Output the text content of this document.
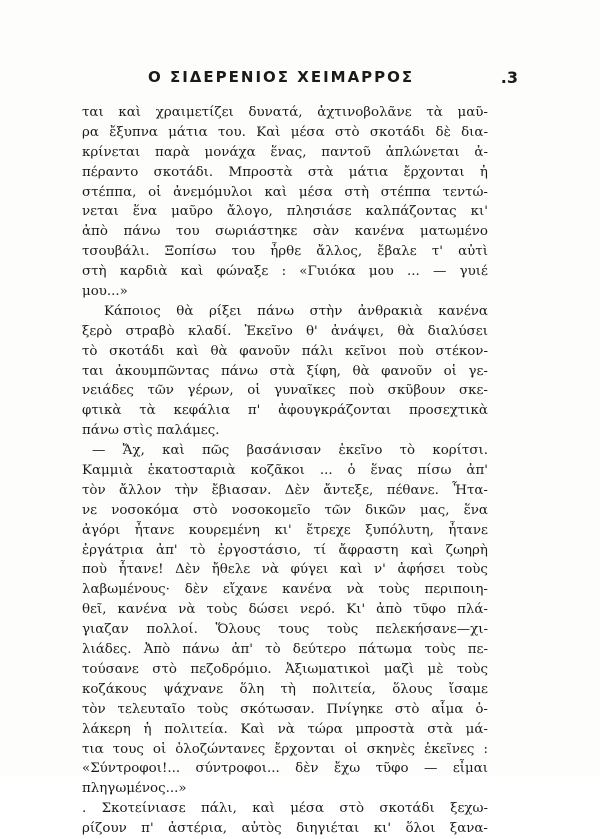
Ο ΣΙΔΕΡΕΝΙΟΣ ΧΕΙΜΑΡΡΟΣ	.3
ται καὶ χραιμετίζει δυνατά, ἀχτινοβολᾶνε τὰ μαῦ-
ρα ἔξυπνα μάτια του. Καὶ μέσα στὸ σκοτάδι δὲ δια-
κρίνεται παρὰ μονάχα ἕνας, παντοῦ ἁπλώνεται ἀ-
πέραντο σκοτάδι. Μπροστὰ στὰ μάτια ἔρχονται ἡ
στέππα, οἱ ἀνεμόμυλοι καὶ μέσα στὴ στέππα τεντώ-
νεται ἕνα μαῦρο ἄλογο, πλησιάσε καλπάζοντας κι'
ἀπὸ πάνω του σωριάστηκε σὰν κανένα ματωμένο
τσουβάλι. Ξοπίσω του ἦρθε ἄλλος, ἔβαλε τ' αὐτὶ
στὴ καρδιὰ καὶ φώναξε : «Γυιόκα μου ... — γυιέ
μου...»
Κάποιος θὰ ρίξει πάνω στὴν ἀνθρακιὰ κανένα
ξερὸ στραβὸ κλαδί. Ἐκεῖνο θ' ἀνάψει, θὰ διαλύσει
τὸ σκοτάδι καὶ θὰ φανοῦν πάλι κεῖνοι ποὺ στέκον-
ται ἀκουμπῶντας πάνω στὰ ξίφη, θὰ φανοῦν οἱ γε-
νειάδες τῶν γέρων, οἱ γυναῖκες ποὺ σκῦβουν σκε-
φτικὰ τὰ κεφάλια π' ἀφουγκράζονται προσεχτικὰ
πάνω στὶς παλάμες.
— Ἄχ, καὶ πῶς βασάνισαν ἐκεῖνο τὸ κορίτσι.
Καμμιὰ ἑκατοσταριὰ κοζᾶκοι ... ὁ ἕνας πίσω ἀπ'
τὸν ἄλλον τὴν ἔβιασαν. Δὲν ἄντεξε, πέθανε. Ἦτα-
νε νοσοκόμα στὸ νοσοκομεῖο τῶν δικῶν μας, ἕνα
ἀγόρι ἦτανε κουρεμένη κι' ἔτρεχε ξυπόλυτη, ἦτανε
ἐργάτρια ἀπ' τὸ ἐργοστάσιο, τί ἄφραστη καὶ ζωηρὴ
ποὺ ἦτανε! Δὲν ἤθελε νὰ φύγει καὶ ν' ἀφήσει τοὺς
λαβωμένους· δὲν εἴχανε κανένα νὰ τοὺς περιποιη-
θεῖ, κανένα νὰ τοὺς δώσει νερό. Κι' ἀπὸ τῦφο πλά-
γιαζαν πολλοί. Ὅλους τους τοὺς πελεκήσανε—χι-
λιάδες. Ἀπὸ πάνω ἀπ' τὸ δεύτερο πάτωμα τοὺς πε-
τούσανε στὸ πεζοδρόμιο. Ἀξιωματικοὶ μαζὶ μὲ τοὺς
κοζάκους ψάχνανε ὅλη τὴ πολιτεία, ὅλους ἴσαμε
τὸν τελευταῖο τοὺς σκότωσαν. Πνίγηκε στὸ αἷμα ὁ-
λάκερη ἡ πολιτεία. Καὶ νὰ τώρα μπροστὰ στὰ μά-
τια τους οἱ ὁλοζώντανες ἔρχονται οἱ σκηνὲς ἐκεῖνες :
«Σύντροφοι!... σύντροφοι... δὲν ἔχω τῦφο — εἶμαι
πληγωμένος...»
. Σκοτείνιασε πάλι, καὶ μέσα στὸ σκοτάδι ξεχω-
ρίζουν π' ἀστέρια, αὐτὸς διηγιέται κι' ὅλοι ξανα-
